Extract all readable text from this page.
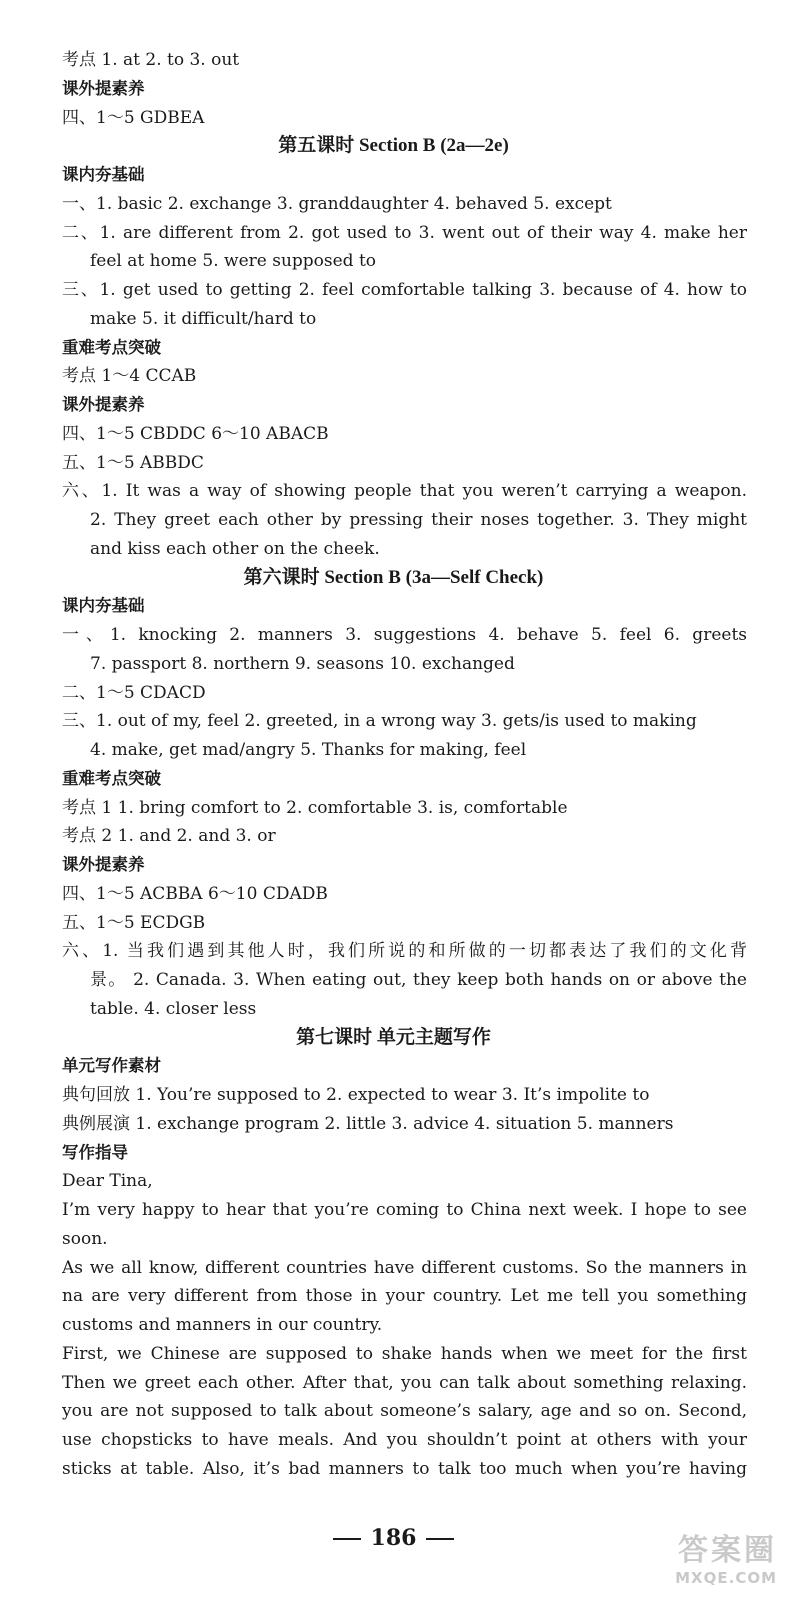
考点 1. at 2. to 3. out
课外提素养
四、1～5 GDBEA
第五课时 Section B (2a—2e)
课内夯基础
一、1. basic 2. exchange 3. granddaughter 4. behaved 5. except
二、1. are different from 2. got used to 3. went out of their way 4. make her
feel at home 5. were supposed to
三、1. get used to getting 2. feel comfortable talking 3. because of 4. how to
make 5. it difficult/hard to
重难考点突破
考点 1～4 CCAB
课外提素养
四、1～5 CBDDC 6～10 ABACB
五、1～5 ABBDC
六、1. It was a way of showing people that you weren’t carrying a weapon.
2. They greet each other by pressing their noses together. 3. They might
and kiss each other on the cheek.
第六课时 Section B (3a—Self Check)
课内夯基础
一、1. knocking 2. manners 3. suggestions 4. behave 5. feel 6. greets
7. passport 8. northern 9. seasons 10. exchanged
二、1～5 CDACD
三、1. out of my, feel 2. greeted, in a wrong way 3. gets/is used to making
4. make, get mad/angry 5. Thanks for making, feel
重难考点突破
考点 1 1. bring comfort to 2. comfortable 3. is, comfortable
考点 2 1. and 2. and 3. or
课外提素养
四、1～5 ACBBA 6～10 CDADB
五、1～5 ECDGB
六、1. 当我们遇到其他人时，我们所说的和所做的一切都表达了我们的文化背
景。 2. Canada. 3. When eating out, they keep both hands on or above the
table. 4. closer less
第七课时 单元主题写作
单元写作素材
典句回放 1. You’re supposed to 2. expected to wear 3. It’s impolite to
典例展演 1. exchange program 2. little 3. advice 4. situation 5. manners
写作指导
Dear Tina,
I’m very happy to hear that you’re coming to China next week. I hope to see
soon.
As we all know, different countries have different customs. So the manners in
na are very different from those in your country. Let me tell you something
customs and manners in our country.
First, we Chinese are supposed to shake hands when we meet for the first
Then we greet each other. After that, you can talk about something relaxing.
you are not supposed to talk about someone’s salary, age and so on. Second,
use chopsticks to have meals. And you shouldn’t point at others with your
sticks at table. Also, it’s bad manners to talk too much when you’re having
186	答案圈
MXQE.COM
